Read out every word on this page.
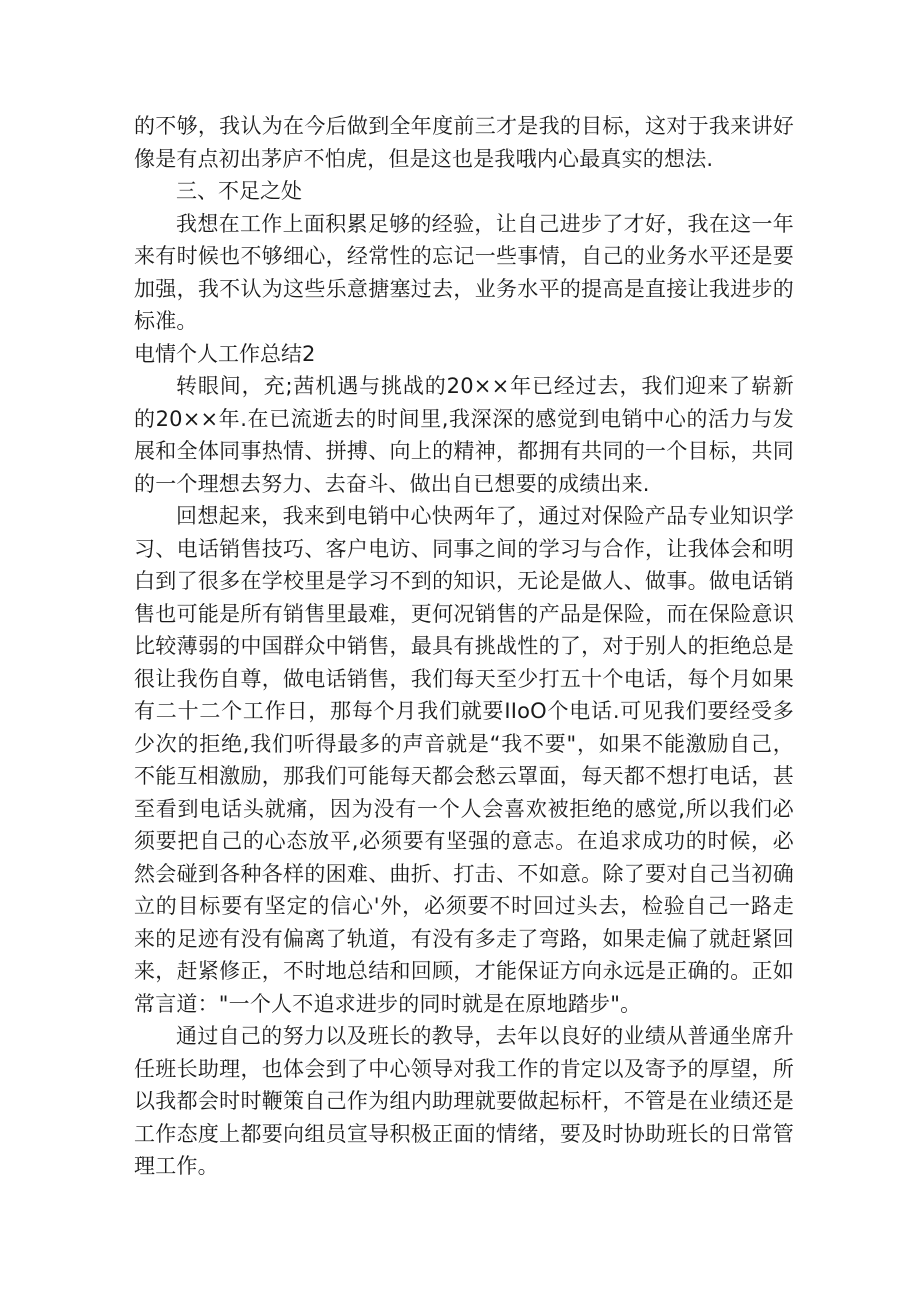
的不够，我认为在今后做到全年度前三才是我的目标，这对于我来讲好像是有点初出茅庐不怕虎，但是这也是我哦内心最真实的想法.

三、不足之处

我想在工作上面积累足够的经验，让自己进步了才好，我在这一年来有时候也不够细心，经常性的忘记一些事情，自己的业务水平还是要加强，我不认为这些乐意搪塞过去，业务水平的提高是直接让我进步的标准。

电情个人工作总结2

转眼间，充;茜机遇与挑战的20××年已经过去，我们迎来了崭新的20××年.在已流逝去的时间里,我深深的感觉到电销中心的活力与发展和全体同事热情、拼搏、向上的精神，都拥有共同的一个目标，共同的一个理想去努力、去奋斗、做出自已想要的成绩出来.

回想起来，我来到电销中心快两年了，通过对保险产品专业知识学习、电话销售技巧、客户电访、同事之间的学习与合作，让我体会和明白到了很多在学校里是学习不到的知识，无论是做人、做事。做电话销售也可能是所有销售里最难，更何况销售的产品是保险，而在保险意识比较薄弱的中国群众中销售，最具有挑战性的了，对于别人的拒绝总是很让我伤自尊，做电话销售，我们每天至少打五十个电话，每个月如果有二十二个工作日，那每个月我们就要IIoO个电话.可见我们要经受多少次的拒绝,我们听得最多的声音就是“我不要"，如果不能激励自己，不能互相激励，那我们可能每天都会愁云罩面，每天都不想打电话，甚至看到电话头就痛，因为没有一个人会喜欢被拒绝的感觉,所以我们必须要把自己的心态放平,必须要有坚强的意志。在追求成功的时候，必然会碰到各种各样的困难、曲折、打击、不如意。除了要对自己当初确立的目标要有坚定的信心'外，必须要不时回过头去，检验自己一路走来的足迹有没有偏离了轨道，有没有多走了弯路，如果走偏了就赶紧回来，赶紧修正，不时地总结和回顾，才能保证方向永远是正确的。正如常言道："一个人不追求进步的同时就是在原地踏步"。

通过自己的努力以及班长的教导，去年以良好的业绩从普通坐席升任班长助理，也体会到了中心领导对我工作的肯定以及寄予的厚望，所以我都会时时鞭策自己作为组内助理就要做起标杆，不管是在业绩还是工作态度上都要向组员宣导积极正面的情绪，要及时协助班长的日常管理工作。
